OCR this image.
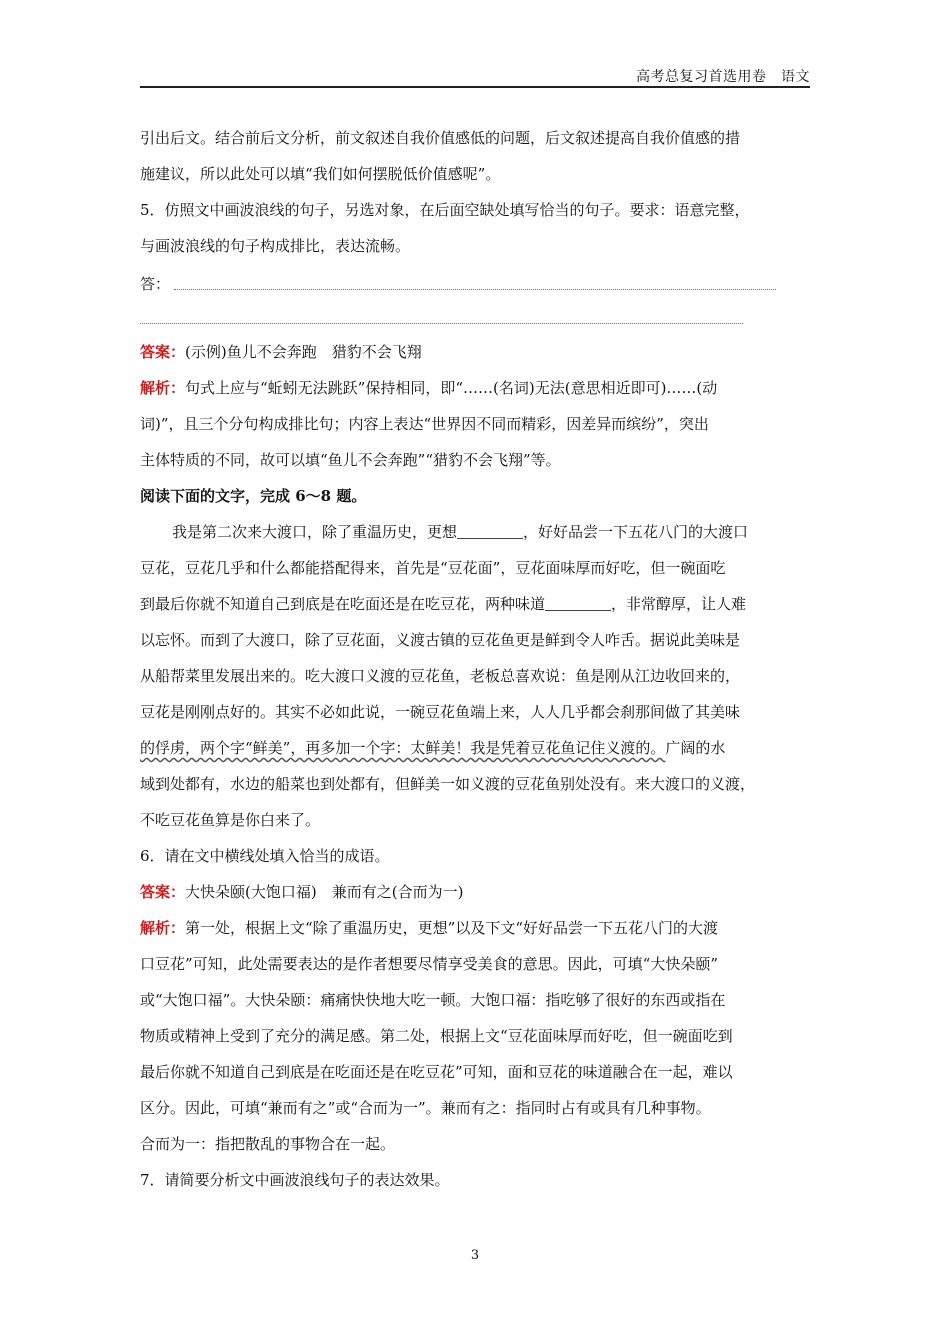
高考总复习首选用卷　语文
引出后文。结合前后文分析，前文叙述自我价值感低的问题，后文叙述提高自我价值感的措
施建议，所以此处可以填“我们如何摆脱低价值感呢”。
5．仿照文中画波浪线的句子，另选对象，在后面空缺处填写恰当的句子。要求：语意完整，
与画波浪线的句子构成排比，表达流畅。
答：
答案：(示例)鱼儿不会奔跑　猎豹不会飞翔
解析：句式上应与“蚯蚓无法跳跃”保持相同，即“……(名词)无法(意思相近即可)……(动
词)”，且三个分句构成排比句；内容上表达“世界因不同而精彩，因差异而缤纷”，突出
主体特质的不同，故可以填“鱼儿不会奔跑”“猎豹不会飞翔”等。
阅读下面的文字，完成 6～8 题。
我是第二次来大渡口，除了重温历史，更想	，好好品尝一下五花八门的大渡口
豆花，豆花几乎和什么都能搭配得来，首先是“豆花面”，豆花面味厚而好吃，但一碗面吃
到最后你就不知道自己到底是在吃面还是在吃豆花，两种味道	，非常醇厚，让人难
以忘怀。而到了大渡口，除了豆花面，义渡古镇的豆花鱼更是鲜到令人咋舌。据说此美味是
从船帮菜里发展出来的。吃大渡口义渡的豆花鱼，老板总喜欢说：鱼是刚从江边收回来的，
豆花是刚刚点好的。其实不必如此说，一碗豆花鱼端上来，人人几乎都会刹那间做了其美味
的俘虏，两个字“鲜美”，再多加一个字：太鲜美！我是凭着豆花鱼记住义渡的。广阔的水
域到处都有，水边的船菜也到处都有，但鲜美一如义渡的豆花鱼别处没有。来大渡口的义渡，
不吃豆花鱼算是你白来了。
6．请在文中横线处填入恰当的成语。
答案：大快朵颐(大饱口福)　兼而有之(合而为一)
解析：第一处，根据上文“除了重温历史，更想”以及下文“好好品尝一下五花八门的大渡
口豆花”可知，此处需要表达的是作者想要尽情享受美食的意思。因此，可填“大快朵颐”
或“大饱口福”。大快朵颐：痛痛快快地大吃一顿。大饱口福：指吃够了很好的东西或指在
物质或精神上受到了充分的满足感。第二处，根据上文“豆花面味厚而好吃，但一碗面吃到
最后你就不知道自己到底是在吃面还是在吃豆花”可知，面和豆花的味道融合在一起，难以
区分。因此，可填“兼而有之”或“合而为一”。兼而有之：指同时占有或具有几种事物。
合而为一：指把散乱的事物合在一起。
7．请简要分析文中画波浪线句子的表达效果。
3
